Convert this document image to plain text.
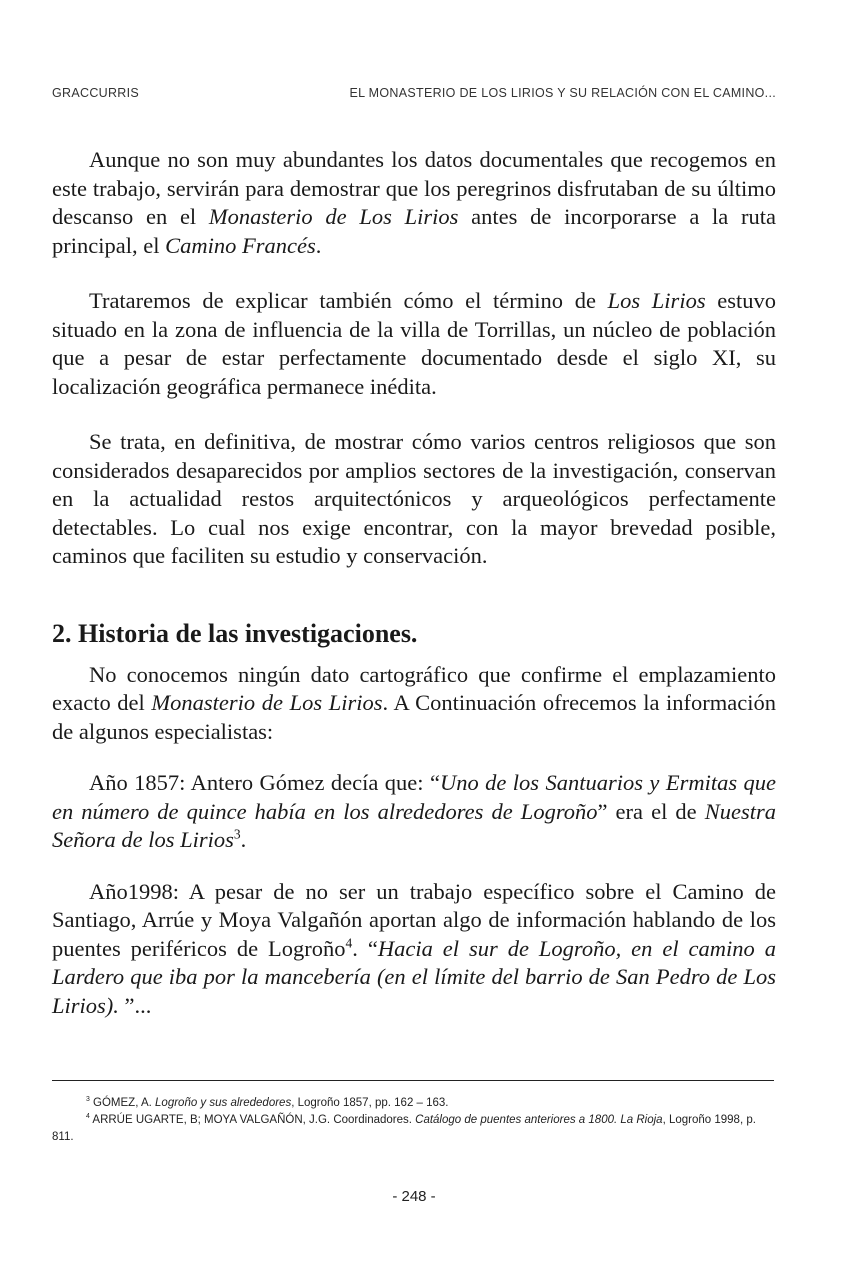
GRACCURRIS	EL MONASTERIO DE LOS LIRIOS Y SU RELACIÓN CON EL CAMINO...

Aunque no son muy abundantes los datos documentales que recogemos en este trabajo, servirán para demostrar que los peregrinos disfrutaban de su último descanso en el Monasterio de Los Lirios antes de incorporarse a la ruta principal, el Camino Francés.

Trataremos de explicar también cómo el término de Los Lirios estuvo situado en la zona de influencia de la villa de Torrillas, un núcleo de población que a pesar de estar perfectamente documentado desde el siglo XI, su localización geográfica permanece inédita.

Se trata, en definitiva, de mostrar cómo varios centros religiosos que son considerados desaparecidos por amplios sectores de la investigación, conservan en la actualidad restos arquitectónicos y arqueológicos perfectamente detectables. Lo cual nos exige encontrar, con la mayor brevedad posible, caminos que faciliten su estudio y conservación.

2. Historia de las investigaciones.

No conocemos ningún dato cartográfico que confirme el emplazamiento exacto del Monasterio de Los Lirios. A Continuación ofrecemos la información de algunos especialistas:

Año 1857: Antero Gómez decía que: “Uno de los Santuarios y Ermitas que en número de quince había en los alrededores de Logroño” era el de Nuestra Señora de los Lirios$^3$.

Año1998: A pesar de no ser un trabajo específico sobre el Camino de Santiago, Arrúe y Moya Valgañón aportan algo de información hablando de los puentes periféricos de Logroño$^4$. “Hacia el sur de Logroño, en el camino a Lardero que iba por la mancebería (en el límite del barrio de San Pedro de Los Lirios). ”...

$^3$ GÓMEZ, A. Logroño y sus alrededores, Logroño 1857, pp. 162 – 163.

$^4$ ARRÚE UGARTE, B; MOYA VALGAÑÓN, J.G. Coordinadores. Catálogo de puentes anteriores a 1800. La Rioja, Logroño 1998, p. 811.

- 248 -
